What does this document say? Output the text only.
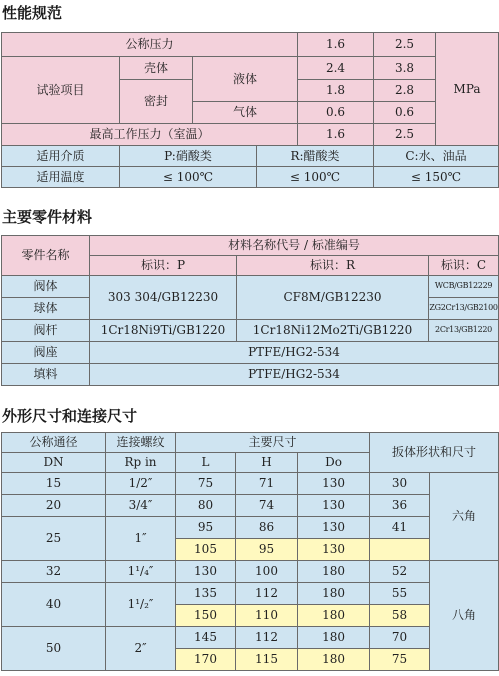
性能规范
公称压力			1.6	2.5	MPa
试验项目	壳体	液体	2.4	3.8	
	密封		1.8	2.8	
		气体	0.6	0.6	
最高工作压力（室温）			1.6	2.5	
适用介质	P:硝酸类	R:醋酸类	C:水、油品
适用温度	≤ 100℃	≤ 100℃	≤ 150℃
主要零件材料
零件名称	材料名称代号 / 标准编号		
	标识：P	标识：R	标识：C
阀体	303 304/GB12230	CF8M/GB12230	WCB/GB12229
球体			ZG2Cr13/GB2100
阀杆	1Cr18Ni9Ti/GB1220	1Cr18Ni12Mo2Ti/GB1220	2Cr13/GB1220
阀座	PTFE/HG2-534		
填料	PTFE/HG2-534		
外形尺寸和连接尺寸
公称通径	连接螺纹	主要尺寸			扳体形状和尺寸	
DN	Rp in	L	H	Do		
15	1/2″	75	71	130	30	六角
20	3/4″	80	74	130	36	
25	1″	95	86	130	41	
		105	95	130		
32	1¹/₄″	130	100	180	52	八角
40	1¹/₂″	135	112	180	55	
		150	110	180	58	
50	2″	145	112	180	70	
		170	115	180	75	
